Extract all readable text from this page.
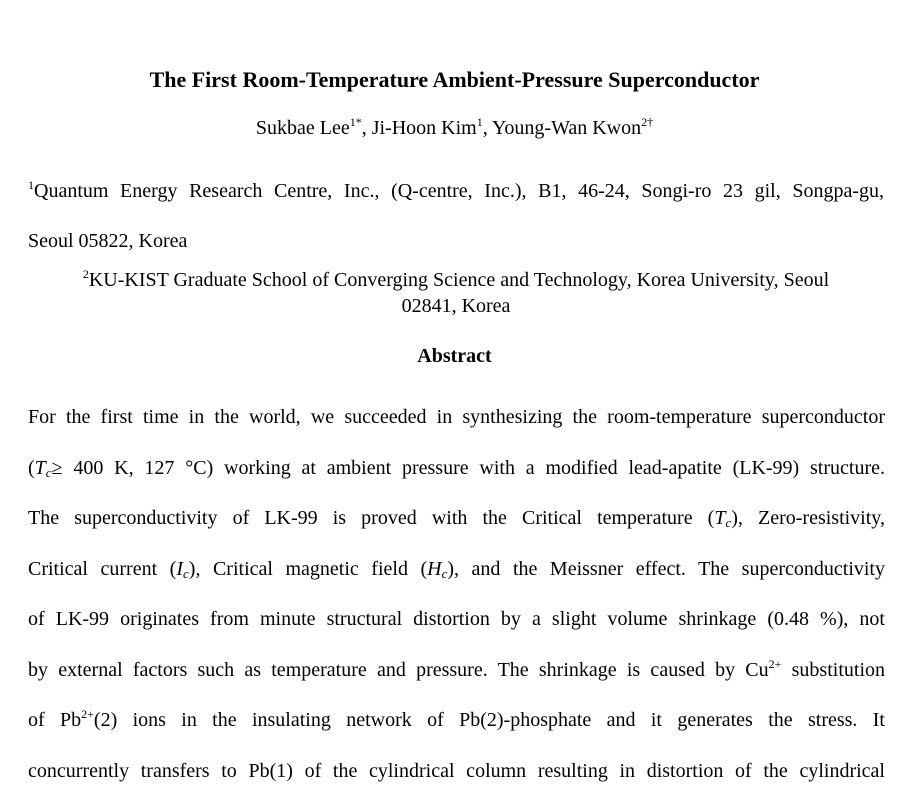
The First Room-Temperature Ambient-Pressure Superconductor
Sukbae Lee$^{1*}$, Ji-Hoon Kim$^1$, Young-Wan Kwon$^{2\dagger}$
$^1$Quantum Energy Research Centre, Inc., (Q-centre, Inc.), B1, 46-24, Songi-ro 23 gil, Songpa-gu,
Seoul 05822, Korea
$^2$KU-KIST Graduate School of Converging Science and Technology, Korea University, Seoul
02841, Korea
Abstract
For the first time in the world, we succeeded in synthesizing the room-temperature superconductor
($T_c\ge 400$ K, 127 °C) working at ambient pressure with a modified lead-apatite (LK-99) structure.
The superconductivity of LK-99 is proved with the Critical temperature $(T_c)$, Zero-resistivity,
Critical current $(I_c)$, Critical magnetic field $(H_c)$, and the Meissner effect. The superconductivity
of LK-99 originates from minute structural distortion by a slight volume shrinkage (0.48 %), not
by external factors such as temperature and pressure. The shrinkage is caused by $Cu^{2+}$ substitution
of $Pb^{2+}(2)$ ions in the insulating network of Pb(2)-phosphate and it generates the stress. It
concurrently transfers to Pb(1) of the cylindrical column resulting in distortion of the cylindrical
